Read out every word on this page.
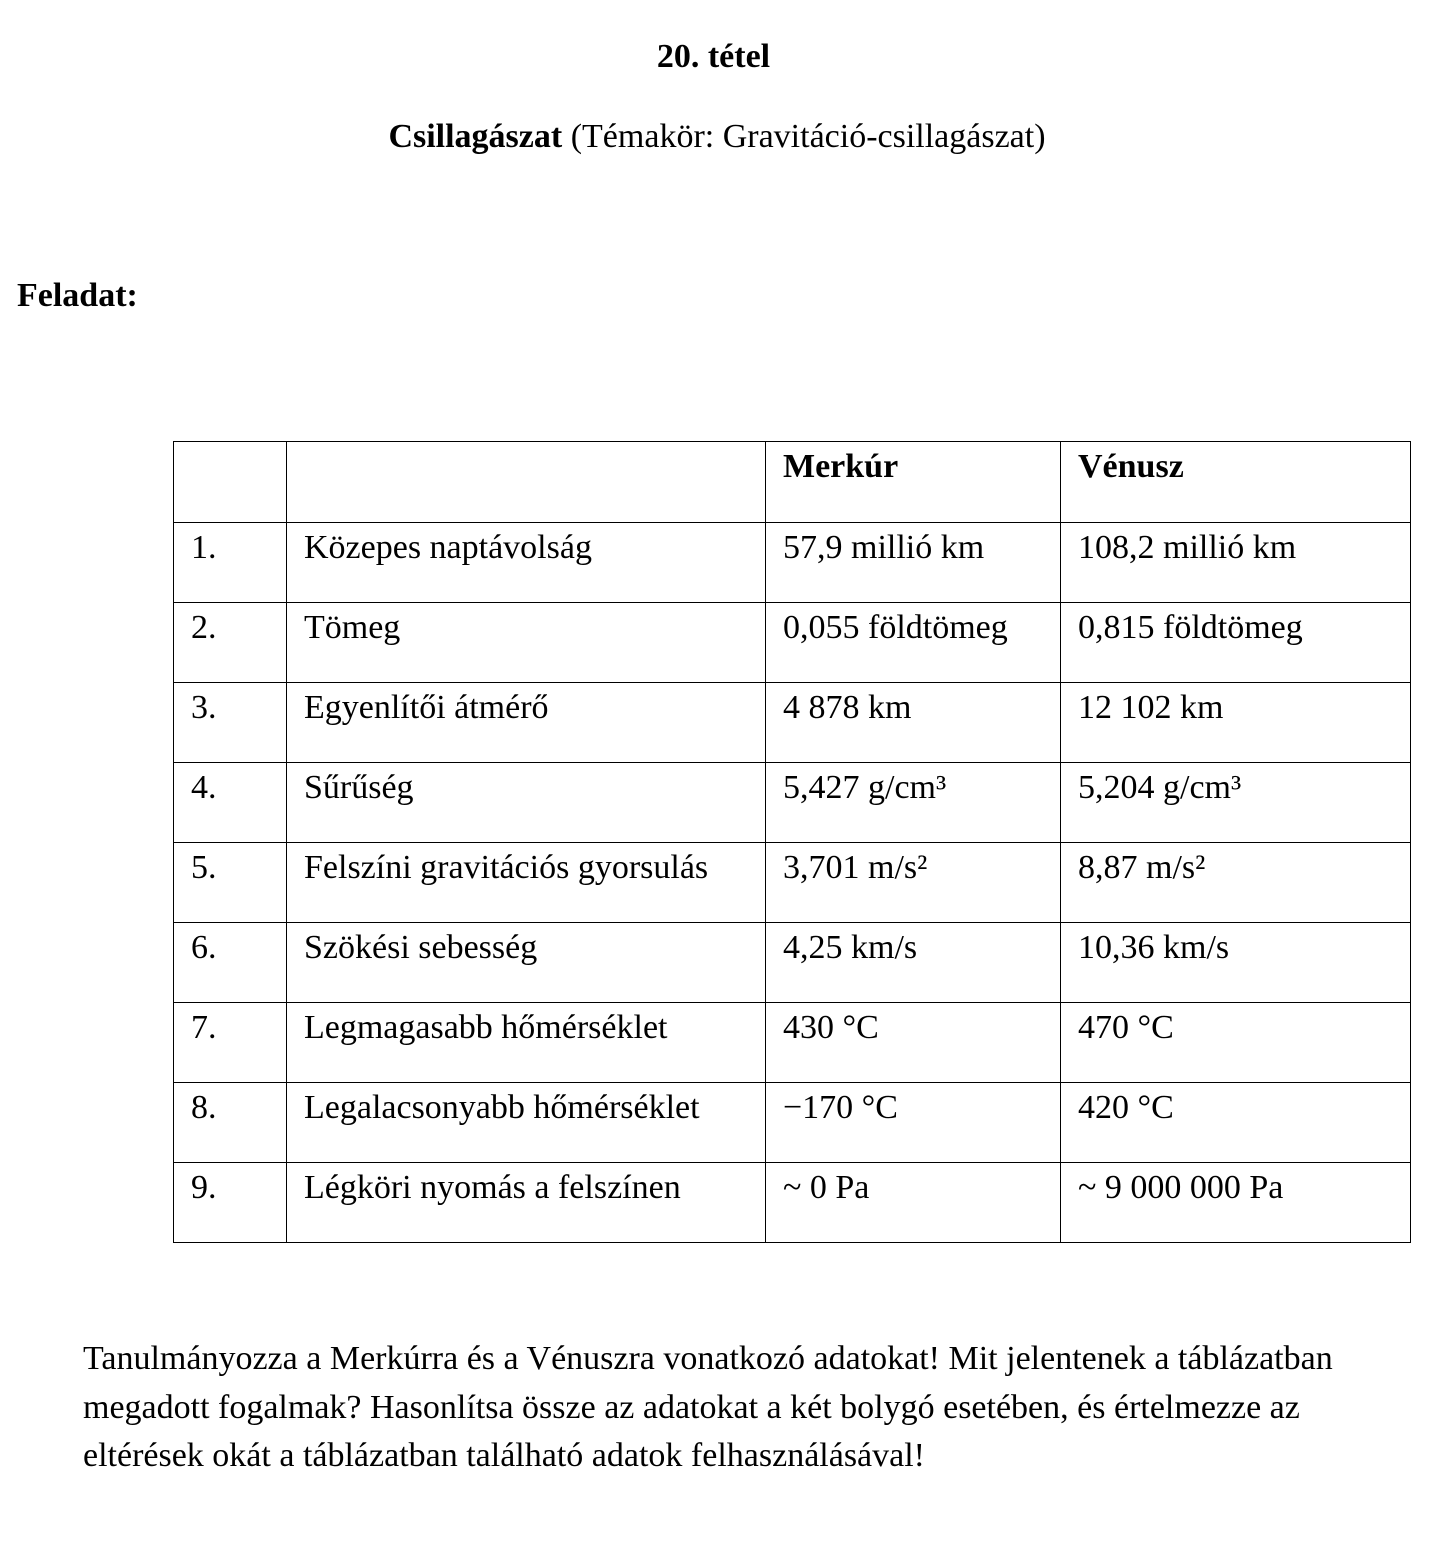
20. tétel

Csillagászat (Témakör: Gravitáció-csillagászat)

Feladat:

		Merkúr	Vénusz
1.	Közepes naptávolság	57,9 millió km	108,2 millió km
2.	Tömeg	0,055 földtömeg	0,815 földtömeg
3.	Egyenlítői átmérő	4 878 km	12 102 km
4.	Sűrűség	5,427 g/cm³	5,204 g/cm³
5.	Felszíni gravitációs gyorsulás	3,701 m/s²	8,87 m/s²
6.	Szökési sebesség	4,25 km/s	10,36 km/s
7.	Legmagasabb hőmérséklet	430 °C	470 °C
8.	Legalacsonyabb hőmérséklet	−170 °C	420 °C
9.	Légköri nyomás a felszínen	~ 0 Pa	~ 9 000 000 Pa

Tanulmányozza a Merkúrra és a Vénuszra vonatkozó adatokat! Mit jelentenek a táblázatban megadott fogalmak? Hasonlítsa össze az adatokat a két bolygó esetében, és értelmezze az eltérések okát a táblázatban található adatok felhasználásával!
